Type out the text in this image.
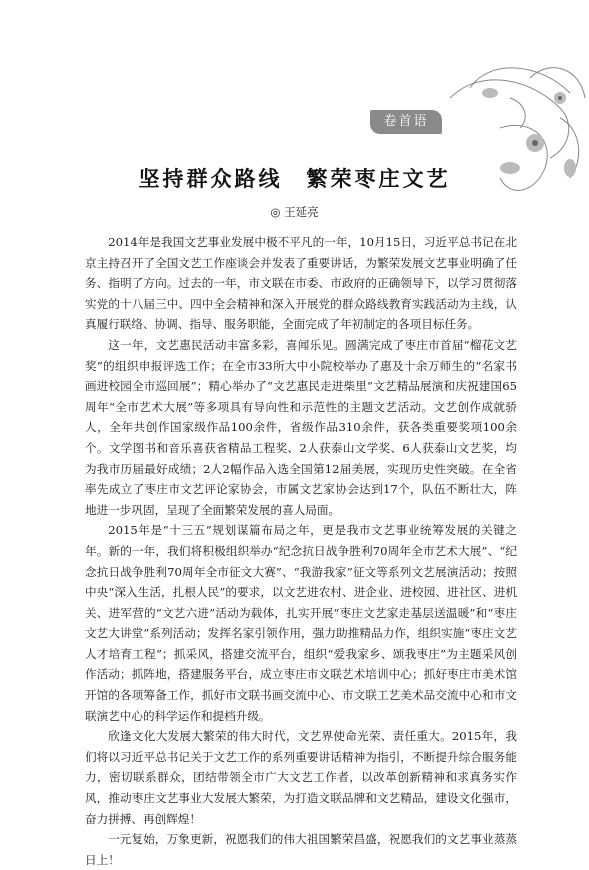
卷首语
坚持群众路线　繁荣枣庄文艺
◎ 王延亮

2014年是我国文艺事业发展中极不平凡的一年，10月15日，习近平总书记在北京主持召开了全国文艺工作座谈会并发表了重要讲话，为繁荣发展文艺事业明确了任务、指明了方向。过去的一年，市文联在市委、市政府的正确领导下，以学习贯彻落实党的十八届三中、四中全会精神和深入开展党的群众路线教育实践活动为主线，认真履行联络、协调、指导、服务职能，全面完成了年初制定的各项目标任务。

这一年，文艺惠民活动丰富多彩，喜闻乐见。圆满完成了枣庄市首届“榴花文艺奖”的组织申报评选工作；在全市33所大中小院校举办了惠及十余万师生的“名家书画进校园全市巡回展”；精心举办了“文艺惠民走进柴里”文艺精品展演和庆祝建国65周年“全市艺术大展”等多项具有导向性和示范性的主题文艺活动。文艺创作成就骄人，全年共创作国家级作品100余件，省级作品310余件，获各类重要奖项100余个。文学图书和音乐喜获省精品工程奖、2人获泰山文学奖、6人获泰山文艺奖，均为我市历届最好成绩；2人2幅作品入选全国第12届美展，实现历史性突破。在全省率先成立了枣庄市文艺评论家协会，市属文艺家协会达到17个，队伍不断壮大，阵地进一步巩固，呈现了全面繁荣发展的喜人局面。

2015年是“十三五”规划谋篇布局之年，更是我市文艺事业统筹发展的关键之年。新的一年，我们将积极组织举办“纪念抗日战争胜利70周年全市艺术大展”、“纪念抗日战争胜利70周年全市征文大赛”、“我游我家”征文等系列文艺展演活动；按照中央“深入生活，扎根人民”的要求，以文艺进农村、进企业、进校园、进社区、进机关、进军营的“文艺六进”活动为载体，扎实开展“枣庄文艺家走基层送温暖”和“枣庄文艺大讲堂”系列活动；发挥名家引领作用，强力助推精品力作，组织实施“枣庄文艺人才培育工程”；抓采风，搭建交流平台，组织“爱我家乡、颂我枣庄”为主题采风创作活动；抓阵地，搭建服务平台，成立枣庄市文联艺术培训中心；抓好枣庄市美术馆开馆的各项筹备工作，抓好市文联书画交流中心、市文联工艺美术品交流中心和市文联演艺中心的科学运作和提档升级。

欣逢文化大发展大繁荣的伟大时代，文艺界使命光荣、责任重大。2015年，我们将以习近平总书记关于文艺工作的系列重要讲话精神为指引，不断提升综合服务能力，密切联系群众，团结带领全市广大文艺工作者，以改革创新精神和求真务实作风，推动枣庄文艺事业大发展大繁荣，为打造文联品牌和文艺精品，建设文化强市，奋力拼搏、再创辉煌！

一元复始，万象更新，祝愿我们的伟大祖国繁荣昌盛，祝愿我们的文艺事业蒸蒸日上！
